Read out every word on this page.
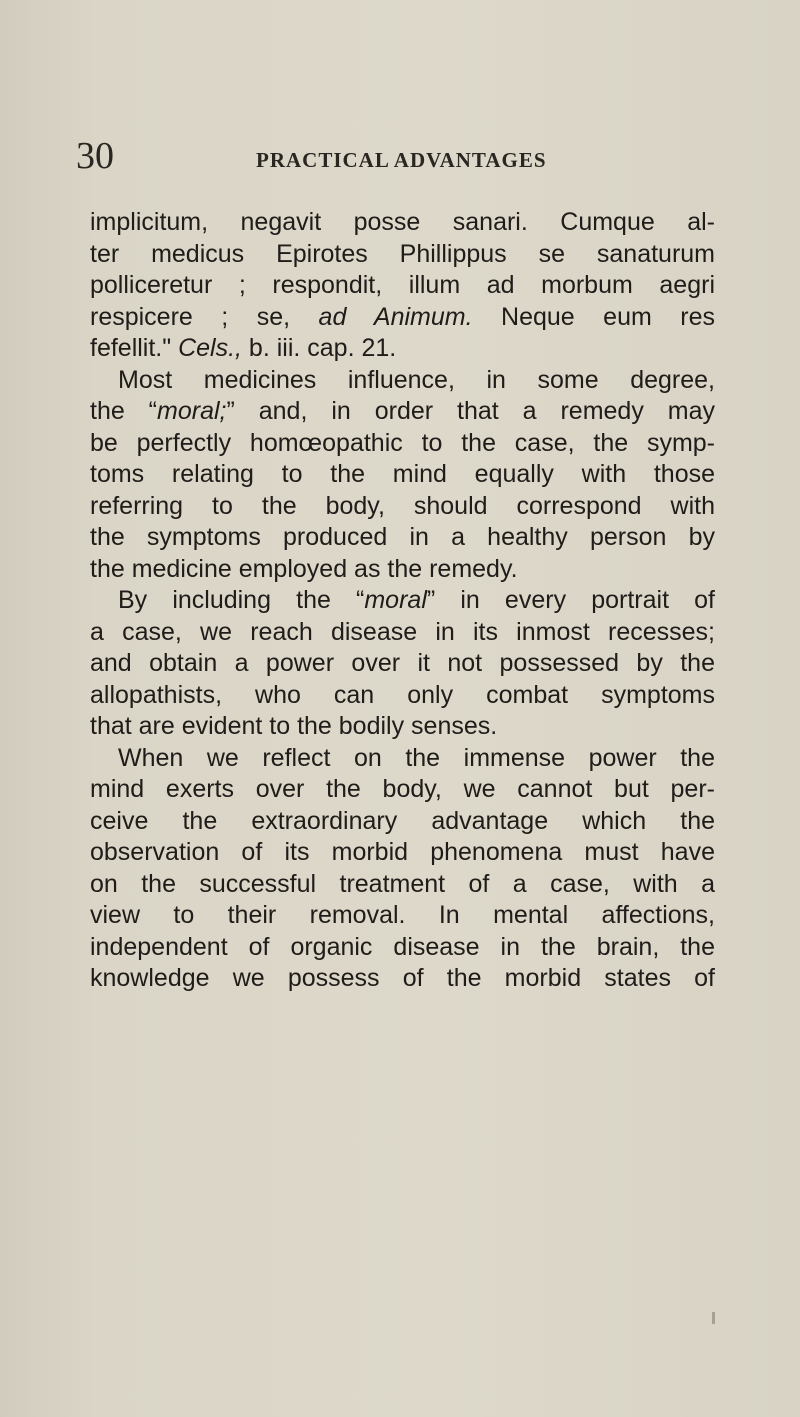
30	PRACTICAL ADVANTAGES
implicitum, negavit posse sanari. Cumque al-
ter medicus Epirotes Phillippus se sanaturum
polliceretur ; respondit, illum ad morbum aegri
respicere ; se, ad Animum. Neque eum res
fefellit." Cels., b. iii. cap. 21.
Most medicines influence, in some degree,
the “moral;” and, in order that a remedy may
be perfectly homœopathic to the case, the symp-
toms relating to the mind equally with those
referring to the body, should correspond with
the symptoms produced in a healthy person by
the medicine employed as the remedy.
By including the “moral” in every portrait of
a case, we reach disease in its inmost recesses;
and obtain a power over it not possessed by the
allopathists, who can only combat symptoms
that are evident to the bodily senses.
When we reflect on the immense power the
mind exerts over the body, we cannot but per-
ceive the extraordinary advantage which the
observation of its morbid phenomena must have
on the successful treatment of a case, with a
view to their removal. In mental affections,
independent of organic disease in the brain, the
knowledge we possess of the morbid states of
